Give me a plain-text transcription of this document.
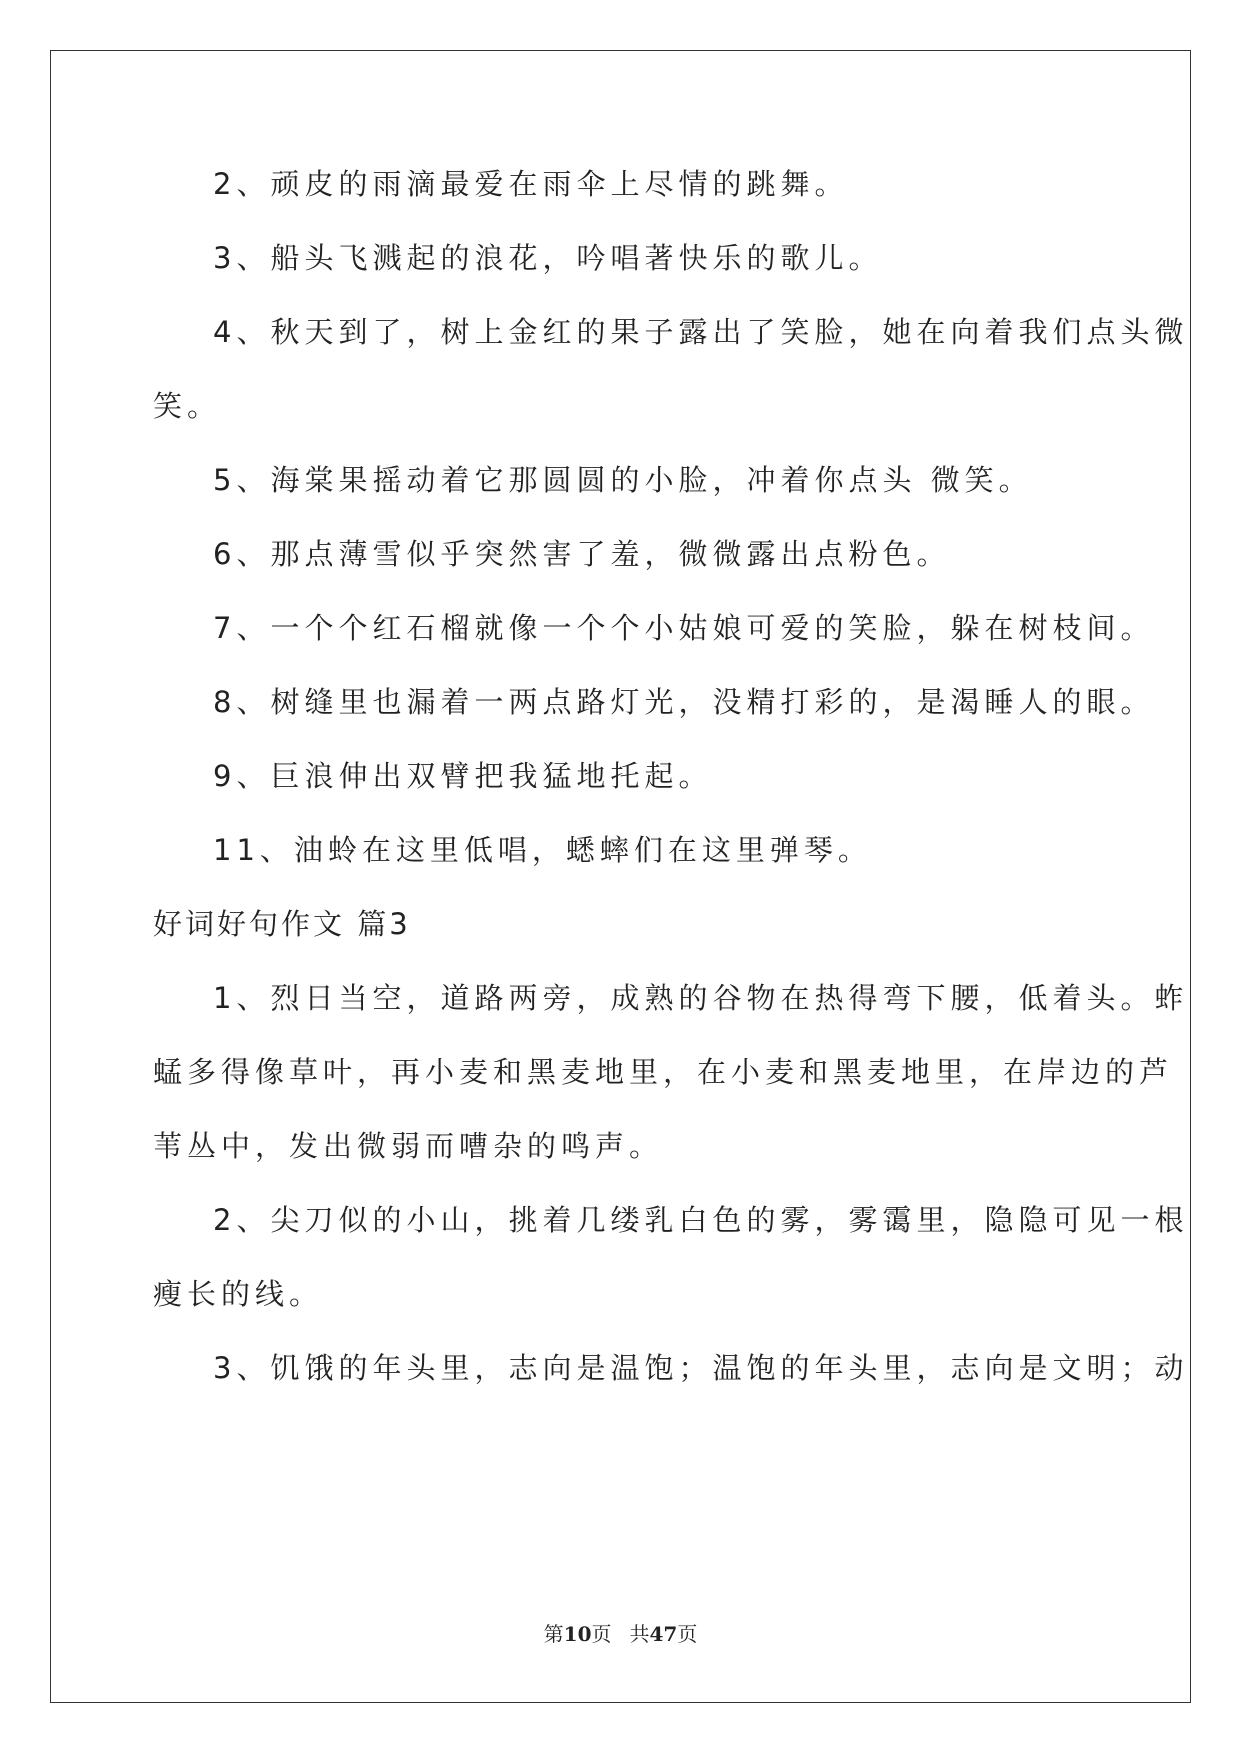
2、顽皮的雨滴最爱在雨伞上尽情的跳舞。
3、船头飞溅起的浪花，吟唱著快乐的歌儿。
4、秋天到了，树上金红的果子露出了笑脸，她在向着我们点头微
笑。
5、海棠果摇动着它那圆圆的小脸，冲着你点头 微笑。
6、那点薄雪似乎突然害了羞，微微露出点粉色。
7、一个个红石榴就像一个个小姑娘可爱的笑脸，躲在树枝间。
8、树缝里也漏着一两点路灯光，没精打彩的，是渴睡人的眼。
9、巨浪伸出双臂把我猛地托起。
11、油蛉在这里低唱，蟋蟀们在这里弹琴。
好词好句作文 篇3
1、烈日当空，道路两旁，成熟的谷物在热得弯下腰，低着头。蚱
蜢多得像草叶，再小麦和黑麦地里，在小麦和黑麦地里，在岸边的芦
苇丛中，发出微弱而嘈杂的鸣声。
2、尖刀似的小山，挑着几缕乳白色的雾，雾霭里，隐隐可见一根
瘦长的线。
3、饥饿的年头里，志向是温饱；温饱的年头里，志向是文明；动
第10页 共47页
